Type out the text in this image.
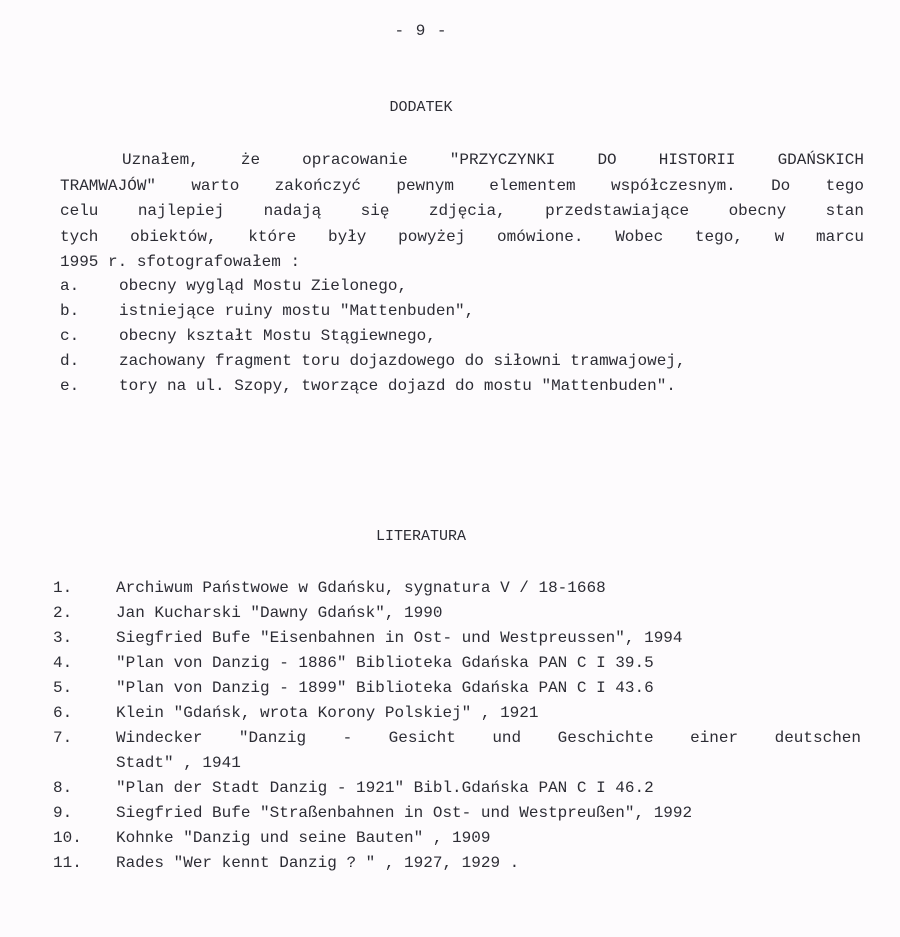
- 9 -
DODATEK
Uznałem, że opracowanie "PRZYCZYNKI DO HISTORII GDAŃSKICH
TRAMWAJÓW" warto zakończyć pewnym elementem współczesnym. Do tego
celu najlepiej nadają się zdjęcia, przedstawiające obecny stan
tych obiektów, które były powyżej omówione. Wobec tego, w marcu
1995 r. sfotografowałem :
a. obecny wygląd Mostu Zielonego,
b. istniejące ruiny mostu "Mattenbuden",
c. obecny kształt Mostu Stągiewnego,
d. zachowany fragment toru dojazdowego do siłowni tramwajowej,
e. tory na ul. Szopy, tworzące dojazd do mostu "Mattenbuden".
LITERATURA
1.	Archiwum Państwowe w Gdańsku, sygnatura V / 18-1668
2.	Jan Kucharski "Dawny Gdańsk", 1990
3.	Siegfried Bufe "Eisenbahnen in Ost- und Westpreussen", 1994
4.	"Plan von Danzig - 1886" Biblioteka Gdańska PAN C I 39.5
5.	"Plan von Danzig - 1899" Biblioteka Gdańska PAN C I 43.6
6.	Klein "Gdańsk, wrota Korony Polskiej" , 1921
7.	Windecker "Danzig - Gesicht und Geschichte einer deutschen
Stadt" , 1941
8.	"Plan der Stadt Danzig - 1921" Bibl.Gdańska PAN C I 46.2
9.	Siegfried Bufe "Straßenbahnen in Ost- und Westpreußen", 1992
10. Kohnke "Danzig und seine Bauten" , 1909
11. Rades "Wer kennt Danzig ? " , 1927, 1929 .
